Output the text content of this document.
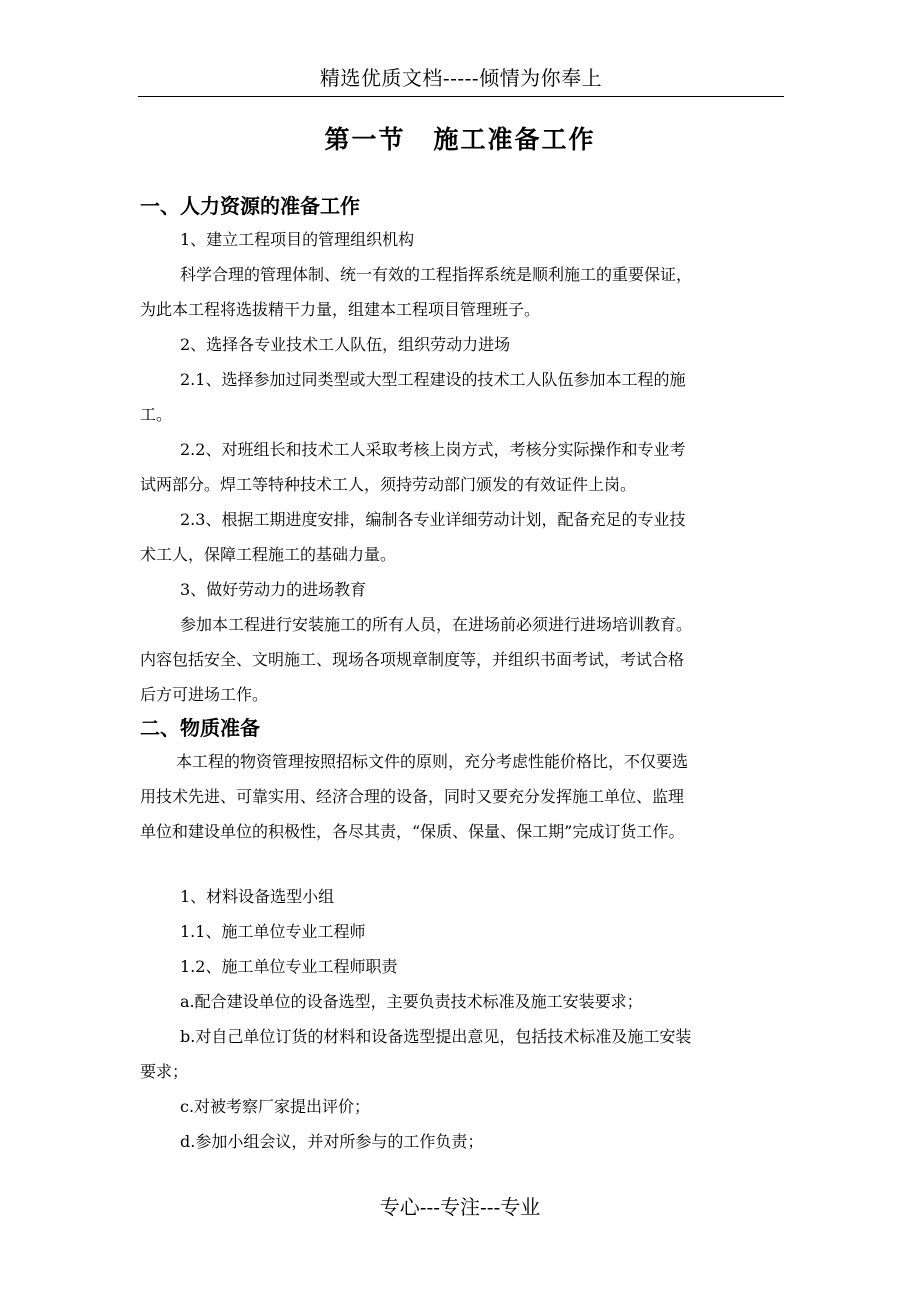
精选优质文档-----倾情为你奉上
第一节 施工准备工作

一、人力资源的准备工作

1、建立工程项目的管理组织机构

科学合理的管理体制、统一有效的工程指挥系统是顺利施工的重要保证，

为此本工程将选拔精干力量，组建本工程项目管理班子。

2、选择各专业技术工人队伍，组织劳动力进场

2.1、选择参加过同类型或大型工程建设的技术工人队伍参加本工程的施

工。

2.2、对班组长和技术工人采取考核上岗方式，考核分实际操作和专业考

试两部分。焊工等特种技术工人，须持劳动部门颁发的有效证件上岗。

2.3、根据工期进度安排，编制各专业详细劳动计划，配备充足的专业技

术工人，保障工程施工的基础力量。

3、做好劳动力的进场教育

参加本工程进行安装施工的所有人员，在进场前必须进行进场培训教育。

内容包括安全、文明施工、现场各项规章制度等，并组织书面考试，考试合格

后方可进场工作。

二、物质准备

本工程的物资管理按照招标文件的原则，充分考虑性能价格比，不仅要选

用技术先进、可靠实用、经济合理的设备，同时又要充分发挥施工单位、监理

单位和建设单位的积极性，各尽其责，“保质、保量、保工期”完成订货工作。

1、材料设备选型小组

1.1、施工单位专业工程师

1.2、施工单位专业工程师职责

a.配合建设单位的设备选型，主要负责技术标准及施工安装要求；

b.对自己单位订货的材料和设备选型提出意见，包括技术标准及施工安装

要求；

c.对被考察厂家提出评价；

d.参加小组会议，并对所参与的工作负责；

专心---专注---专业
